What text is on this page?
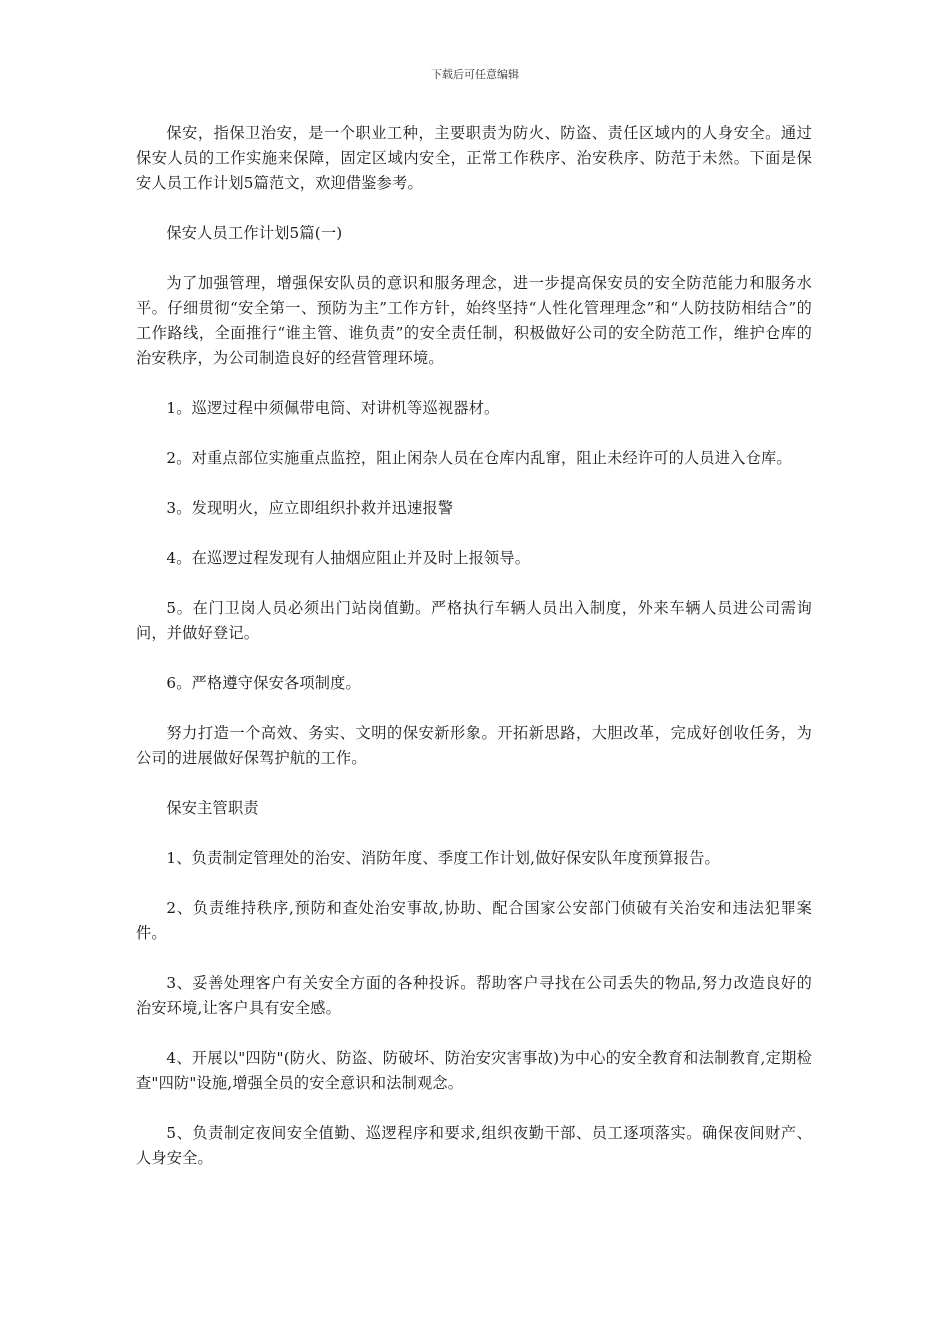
下载后可任意编辑

保安，指保卫治安，是一个职业工种，主要职责为防火、防盗、责任区域内的人身安全。通过保安人员的工作实施来保障，固定区域内安全，正常工作秩序、治安秩序、防范于未然。下面是保安人员工作计划5篇范文，欢迎借鉴参考。

保安人员工作计划5篇(一)

为了加强管理，增强保安队员的意识和服务理念，进一步提高保安员的安全防范能力和服务水平。仔细贯彻“安全第一、预防为主”工作方针，始终坚持“人性化管理理念”和“人防技防相结合”的工作路线，全面推行“谁主管、谁负责”的安全责任制，积极做好公司的安全防范工作，维护仓库的治安秩序，为公司制造良好的经营管理环境。

1。巡逻过程中须佩带电筒、对讲机等巡视器材。

2。对重点部位实施重点监控，阻止闲杂人员在仓库内乱窜，阻止未经许可的人员进入仓库。

3。发现明火，应立即组织扑救并迅速报警

4。在巡逻过程发现有人抽烟应阻止并及时上报领导。

5。在门卫岗人员必须出门站岗值勤。严格执行车辆人员出入制度，外来车辆人员进公司需询问，并做好登记。

6。严格遵守保安各项制度。

努力打造一个高效、务实、文明的保安新形象。开拓新思路，大胆改革，完成好创收任务，为公司的进展做好保驾护航的工作。

保安主管职责

1、负责制定管理处的治安、消防年度、季度工作计划,做好保安队年度预算报告。

2、负责维持秩序,预防和查处治安事故,协助、配合国家公安部门侦破有关治安和违法犯罪案件。

3、妥善处理客户有关安全方面的各种投诉。帮助客户寻找在公司丢失的物品,努力改造良好的治安环境,让客户具有安全感。

4、开展以"四防"(防火、防盗、防破坏、防治安灾害事故)为中心的安全教育和法制教育,定期检查"四防"设施,增强全员的安全意识和法制观念。

5、负责制定夜间安全值勤、巡逻程序和要求,组织夜勤干部、员工逐项落实。确保夜间财产、人身安全。
